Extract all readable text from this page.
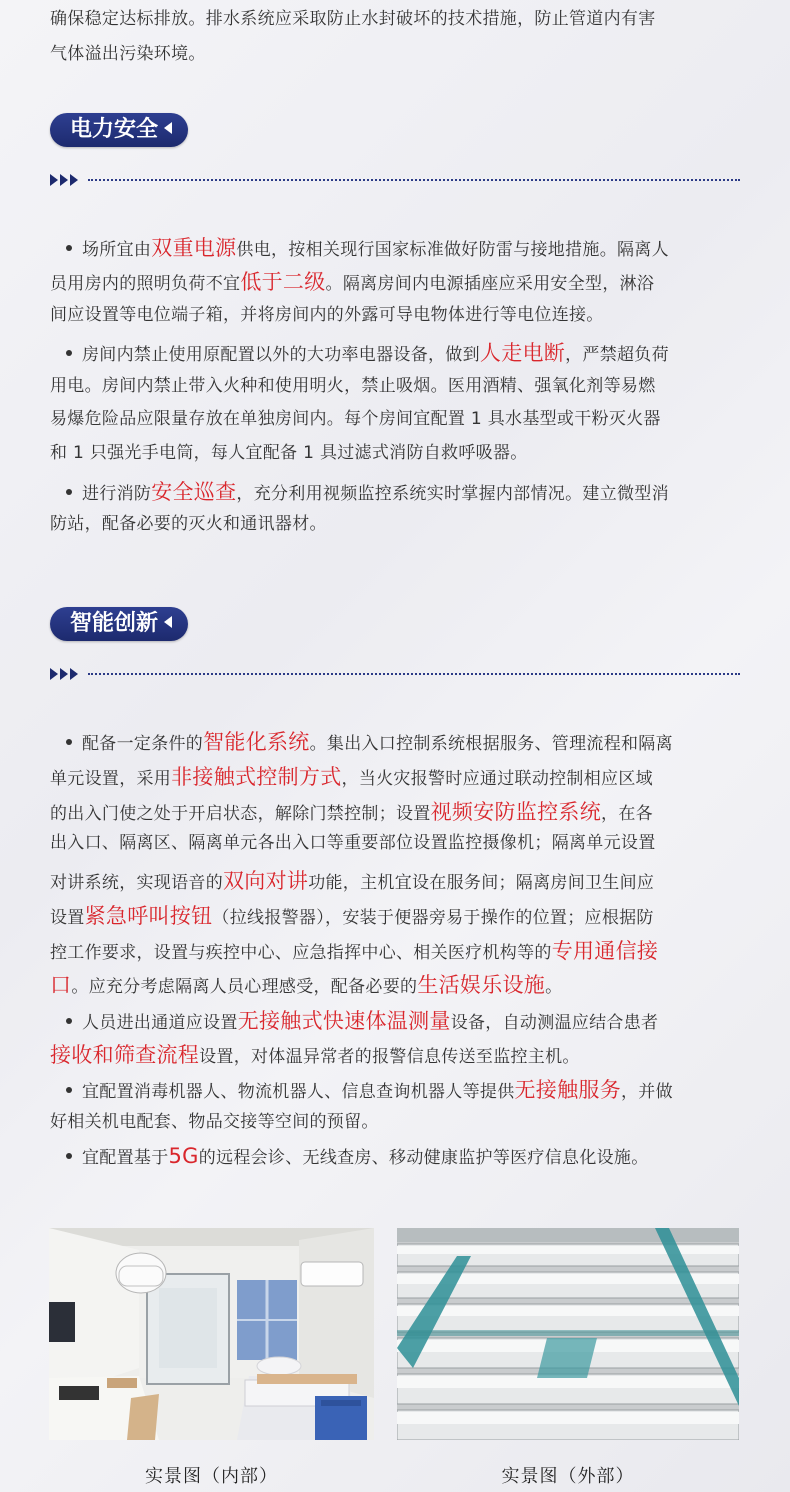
确保稳定达标排放。排水系统应采取防止水封破坏的技术措施，防止管道内有害
气体溢出污染环境。
电力安全
场所宜由双重电源供电，按相关现行国家标准做好防雷与接地措施。隔离人
员用房内的照明负荷不宜低于二级。隔离房间内电源插座应采用安全型，淋浴
间应设置等电位端子箱，并将房间内的外露可导电物体进行等电位连接。
房间内禁止使用原配置以外的大功率电器设备，做到人走电断，严禁超负荷
用电。房间内禁止带入火种和使用明火，禁止吸烟。医用酒精、强氧化剂等易燃
易爆危险品应限量存放在单独房间内。每个房间宜配置 1 具水基型或干粉灭火器
和 1 只强光手电筒，每人宜配备 1 具过滤式消防自救呼吸器。
进行消防安全巡查，充分利用视频监控系统实时掌握内部情况。建立微型消
防站，配备必要的灭火和通讯器材。
智能创新
配备一定条件的智能化系统。集出入口控制系统根据服务、管理流程和隔离
单元设置，采用非接触式控制方式，当火灾报警时应通过联动控制相应区域
的出入门使之处于开启状态，解除门禁控制；设置视频安防监控系统，在各
出入口、隔离区、隔离单元各出入口等重要部位设置监控摄像机；隔离单元设置
对讲系统，实现语音的双向对讲功能，主机宜设在服务间；隔离房间卫生间应
设置紧急呼叫按钮（拉线报警器），安装于便器旁易于操作的位置；应根据防
控工作要求，设置与疾控中心、应急指挥中心、相关医疗机构等的专用通信接
口。应充分考虑隔离人员心理感受，配备必要的生活娱乐设施。
人员进出通道应设置无接触式快速体温测量设备，自动测温应结合患者
接收和筛查流程设置，对体温异常者的报警信息传送至监控主机。
宜配置消毒机器人、物流机器人、信息查询机器人等提供无接触服务，并做
好相关机电配套、物品交接等空间的预留。
宜配置基于5G的远程会诊、无线查房、移动健康监护等医疗信息化设施。
实景图（内部）	实景图（外部）
